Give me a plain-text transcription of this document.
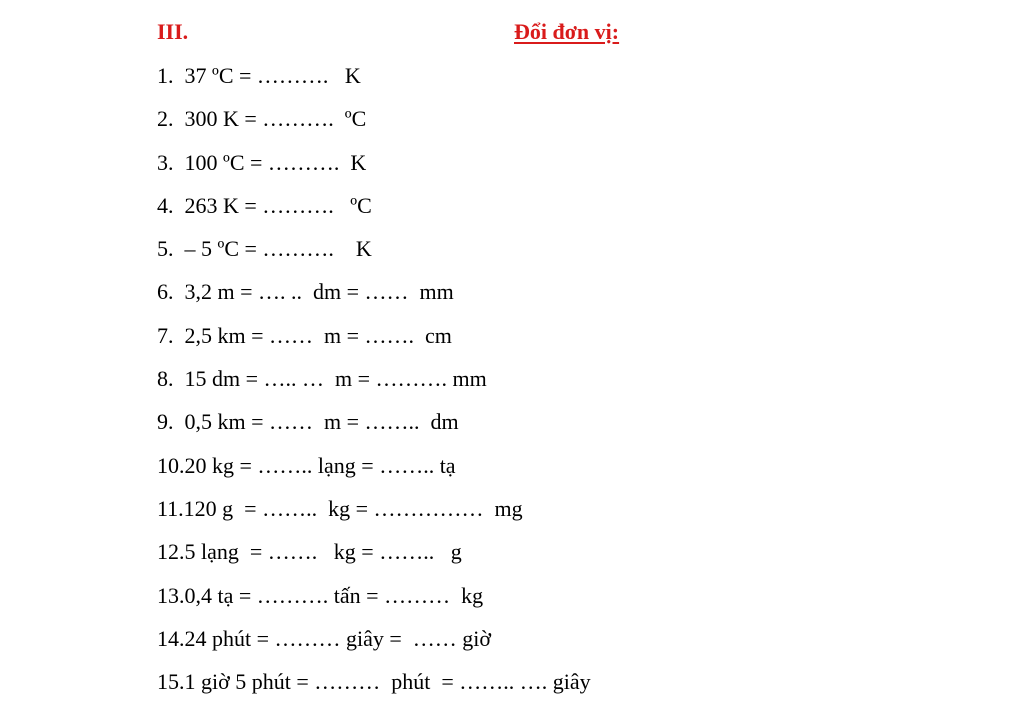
III.	Đổi đơn vị:
1.  37 ºC = ……….   K
2.  300 K = ……….  ºC
3.  100 ºC = ……….  K
4.  263 K = ……….   ºC
5.  – 5 ºC = ……….    K
6.  3,2 m = …. ..  dm = ……  mm
7.  2,5 km = ……  m = …….  cm
8.  15 dm = ….. …  m = ………. mm
9.  0,5 km = ……  m = ……..  dm
10.20 kg = …….. lạng = …….. tạ
11.120 g  = ……..  kg = ……………  mg
12.5 lạng  = …….   kg = ……..   g
13.0,4 tạ = ………. tấn = ………  kg
14.24 phút = ……… giây =  …… giờ
15.1 giờ 5 phút = ………  phút  = …….. …. giây
